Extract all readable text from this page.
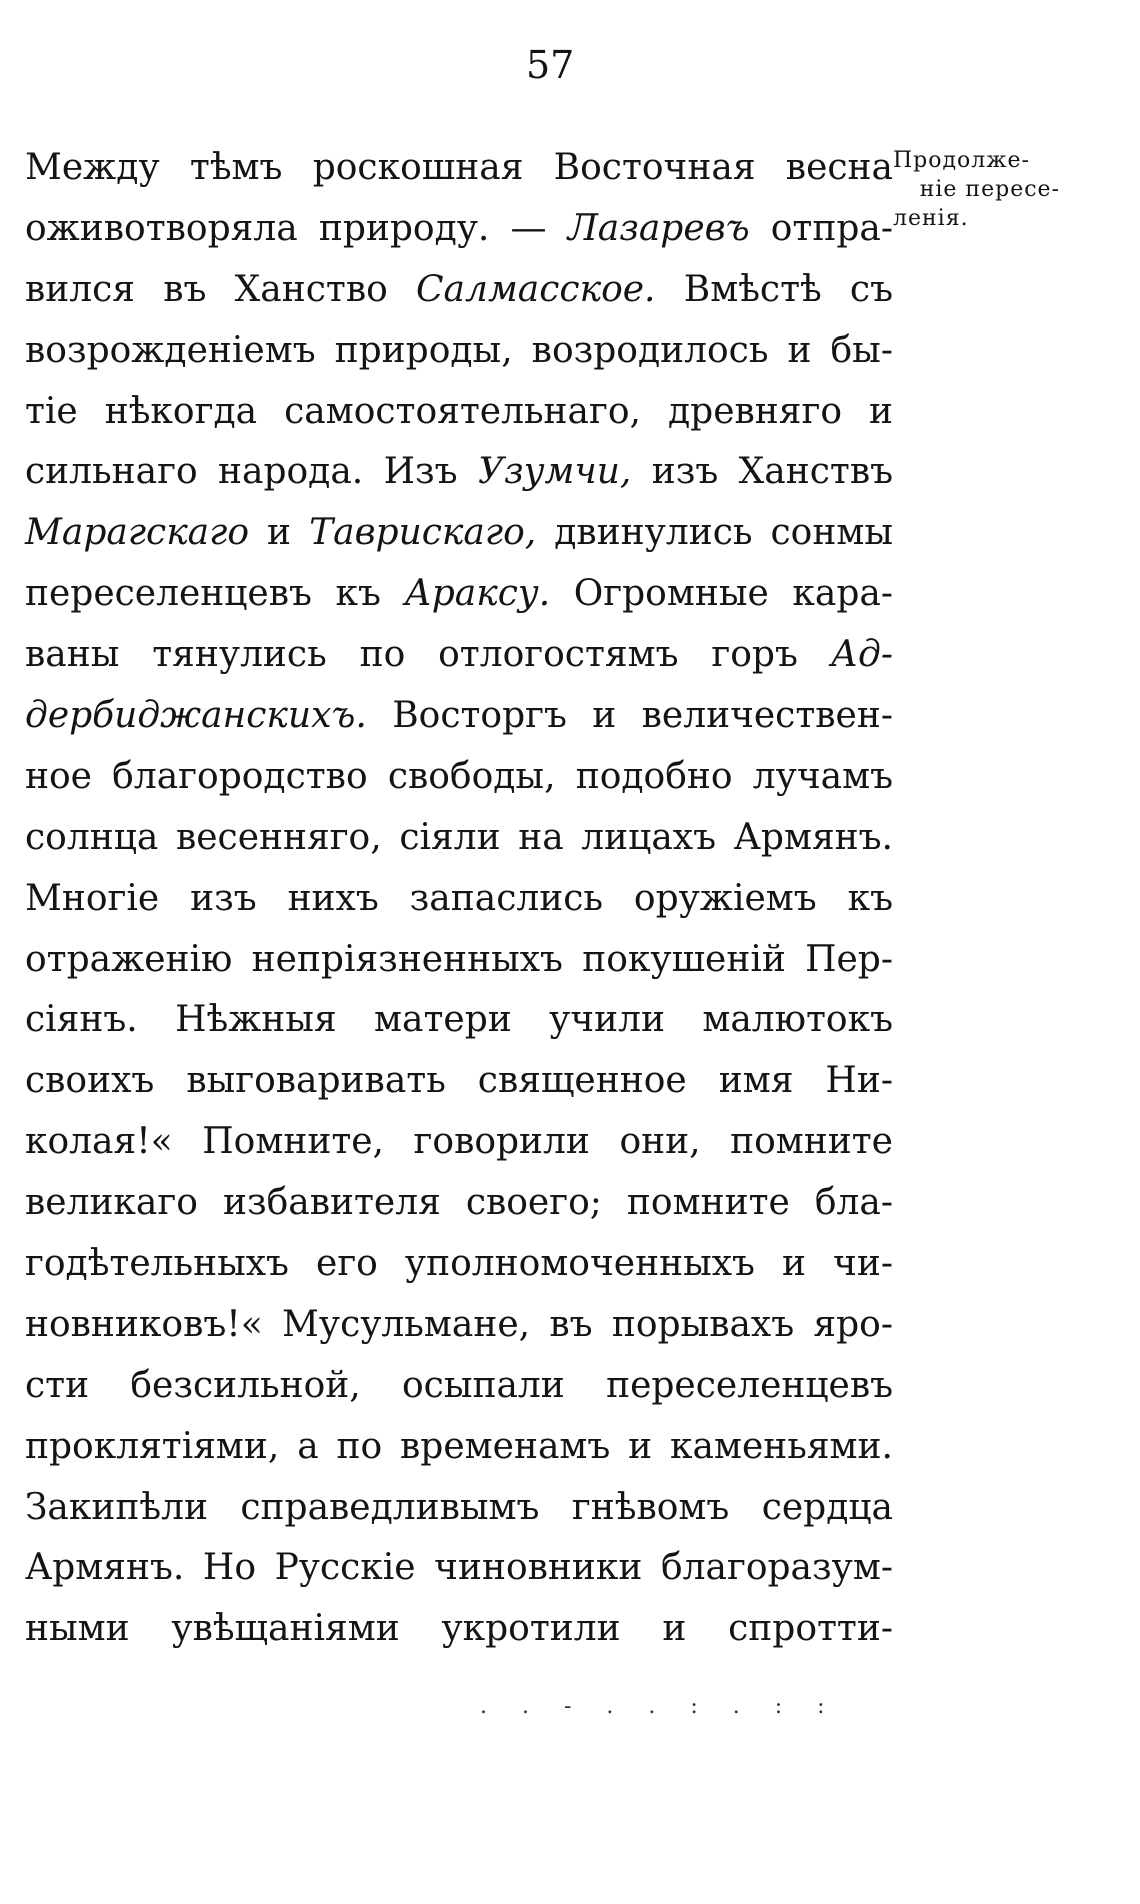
57
Продолже-
ніе пересе-
ленія.
Между тѣмъ роскошная Восточная весна
оживотворяла природу. — Лазаревъ отпра-
вился въ Ханство Салмасское. Вмѣстѣ съ
возрожденіемъ природы, возродилось и бы-
тіе нѣкогда самостоятельнаго, древняго и
сильнаго народа. Изъ Узумчи, изъ Ханствъ
Марагскаго и Таврискаго, двинулись сонмы
переселенцевъ къ Араксу. Огромные кара-
ваны тянулись по отлогостямъ горъ Ад-
дербиджанскихъ. Восторгъ и величествен-
ное благородство свободы, подобно лучамъ
солнца весенняго, сіяли на лицахъ Армянъ.
Многіе изъ нихъ запаслись оружіемъ къ
отраженію непріязненныхъ покушеній Пер-
сіянъ. Нѣжныя матери учили малютокъ
своихъ выговаривать священное имя Ни-
колая!« Помните, говорили они, помните
великаго избавителя своего; помните бла-
годѣтельныхъ его уполномоченныхъ и чи-
новниковъ!« Мусульмане, въ порывахъ яро-
сти безсильной, осыпали переселенцевъ
проклятіями, а по временамъ и каменьями.
Закипѣли справедливымъ гнѣвомъ сердца
Армянъ. Но Русскіе чиновники благоразум-
ными увѣщаніями укротили и спротти-
. . - . . : . : :
